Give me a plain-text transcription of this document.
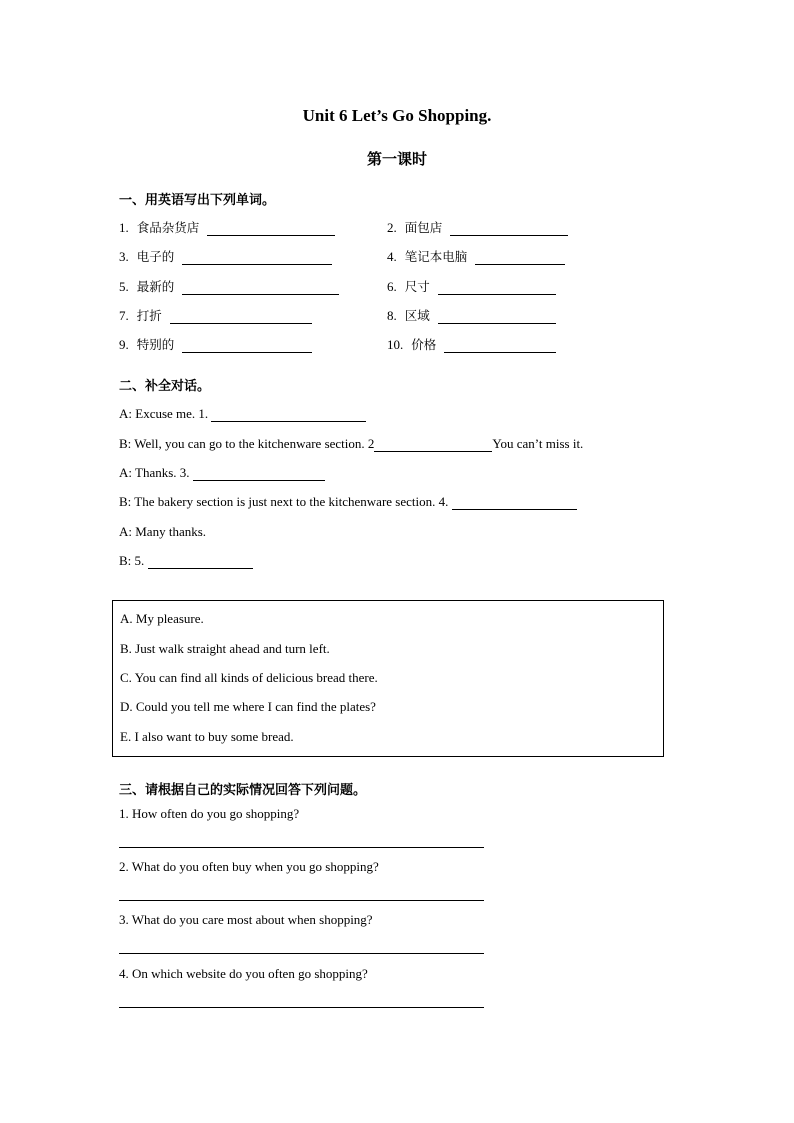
Unit 6 Let’s Go Shopping.
第一课时
一、用英语写出下列单词。
1. 食品杂货店	2. 面包店
3. 电子的	4. 笔记本电脑
5. 最新的	6. 尺寸
7. 打折	8. 区域
9. 特别的	10. 价格
二、补全对话。
A: Excuse me. 1.
B: Well, you can go to the kitchenware section. 2	You can’t miss it.
A: Thanks. 3.
B: The bakery section is just next to the kitchenware section. 4.
A: Many thanks.
B: 5.
A. My pleasure.
B. Just walk straight ahead and turn left.
C. You can find all kinds of delicious bread there.
D. Could you tell me where I can find the plates?
E. I also want to buy some bread.
三、请根据自己的实际情况回答下列问题。
1. How often do you go shopping?
2. What do you often buy when you go shopping?
3. What do you care most about when shopping?
4. On which website do you often go shopping?
